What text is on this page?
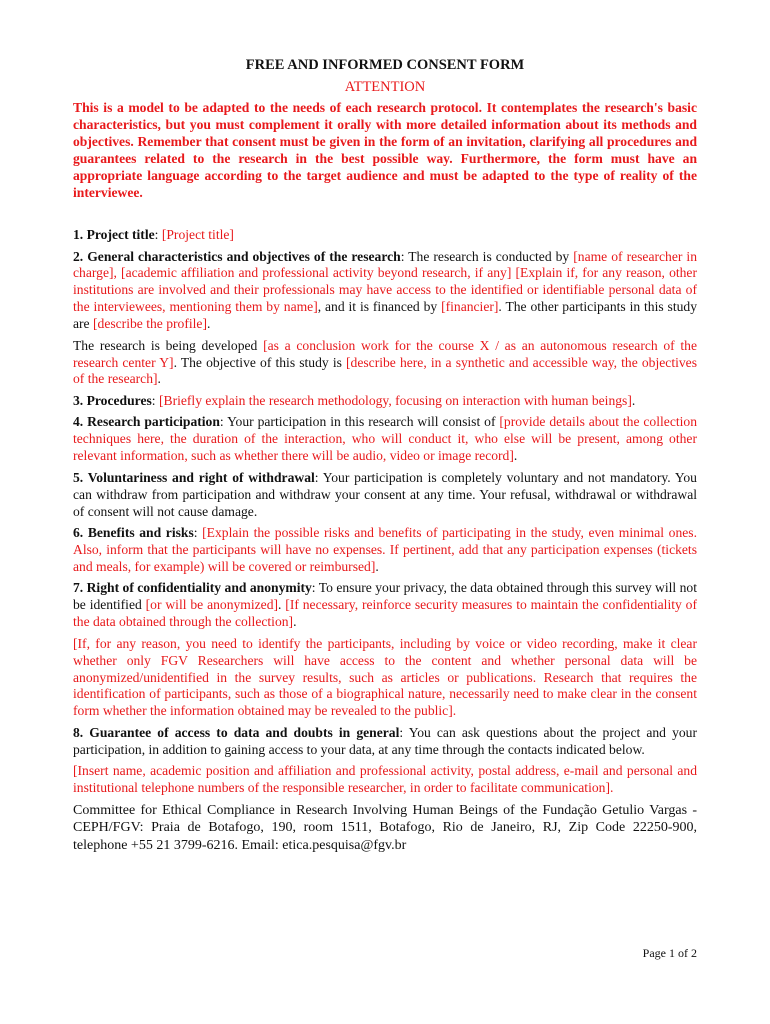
FREE AND INFORMED CONSENT FORM
ATTENTION
This is a model to be adapted to the needs of each research protocol. It contemplates the research's basic characteristics, but you must complement it orally with more detailed information about its methods and objectives. Remember that consent must be given in the form of an invitation, clarifying all procedures and guarantees related to the research in the best possible way. Furthermore, the form must have an appropriate language according to the target audience and must be adapted to the type of reality of the interviewee.

1. Project title: [Project title]

2. General characteristics and objectives of the research: The research is conducted by [name of researcher in charge], [academic affiliation and professional activity beyond research, if any] [Explain if, for any reason, other institutions are involved and their professionals may have access to the identified or identifiable personal data of the interviewees, mentioning them by name], and it is financed by [financier]. The other participants in this study are [describe the profile].

The research is being developed [as a conclusion work for the course X / as an autonomous research of the research center Y]. The objective of this study is [describe here, in a synthetic and accessible way, the objectives of the research].

3. Procedures: [Briefly explain the research methodology, focusing on interaction with human beings].

4. Research participation: Your participation in this research will consist of [provide details about the collection techniques here, the duration of the interaction, who will conduct it, who else will be present, among other relevant information, such as whether there will be audio, video or image record].

5. Voluntariness and right of withdrawal: Your participation is completely voluntary and not mandatory. You can withdraw from participation and withdraw your consent at any time. Your refusal, withdrawal or withdrawal of consent will not cause damage.

6. Benefits and risks: [Explain the possible risks and benefits of participating in the study, even minimal ones. Also, inform that the participants will have no expenses. If pertinent, add that any participation expenses (tickets and meals, for example) will be covered or reimbursed].

7. Right of confidentiality and anonymity: To ensure your privacy, the data obtained through this survey will not be identified [or will be anonymized]. [If necessary, reinforce security measures to maintain the confidentiality of the data obtained through the collection].

[If, for any reason, you need to identify the participants, including by voice or video recording, make it clear whether only FGV Researchers will have access to the content and whether personal data will be anonymized/unidentified in the survey results, such as articles or publications. Research that requires the identification of participants, such as those of a biographical nature, necessarily need to make clear in the consent form whether the information obtained may be revealed to the public].

8. Guarantee of access to data and doubts in general: You can ask questions about the project and your participation, in addition to gaining access to your data, at any time through the contacts indicated below.

[Insert name, academic position and affiliation and professional activity, postal address, e-mail and personal and institutional telephone numbers of the responsible researcher, in order to facilitate communication].

Committee for Ethical Compliance in Research Involving Human Beings of the Fundação Getulio Vargas - CEPH/FGV: Praia de Botafogo, 190, room 1511, Botafogo, Rio de Janeiro, RJ, Zip Code 22250-900, telephone +55 21 3799-6216. Email: etica.pesquisa@fgv.br

Page 1 of 2
